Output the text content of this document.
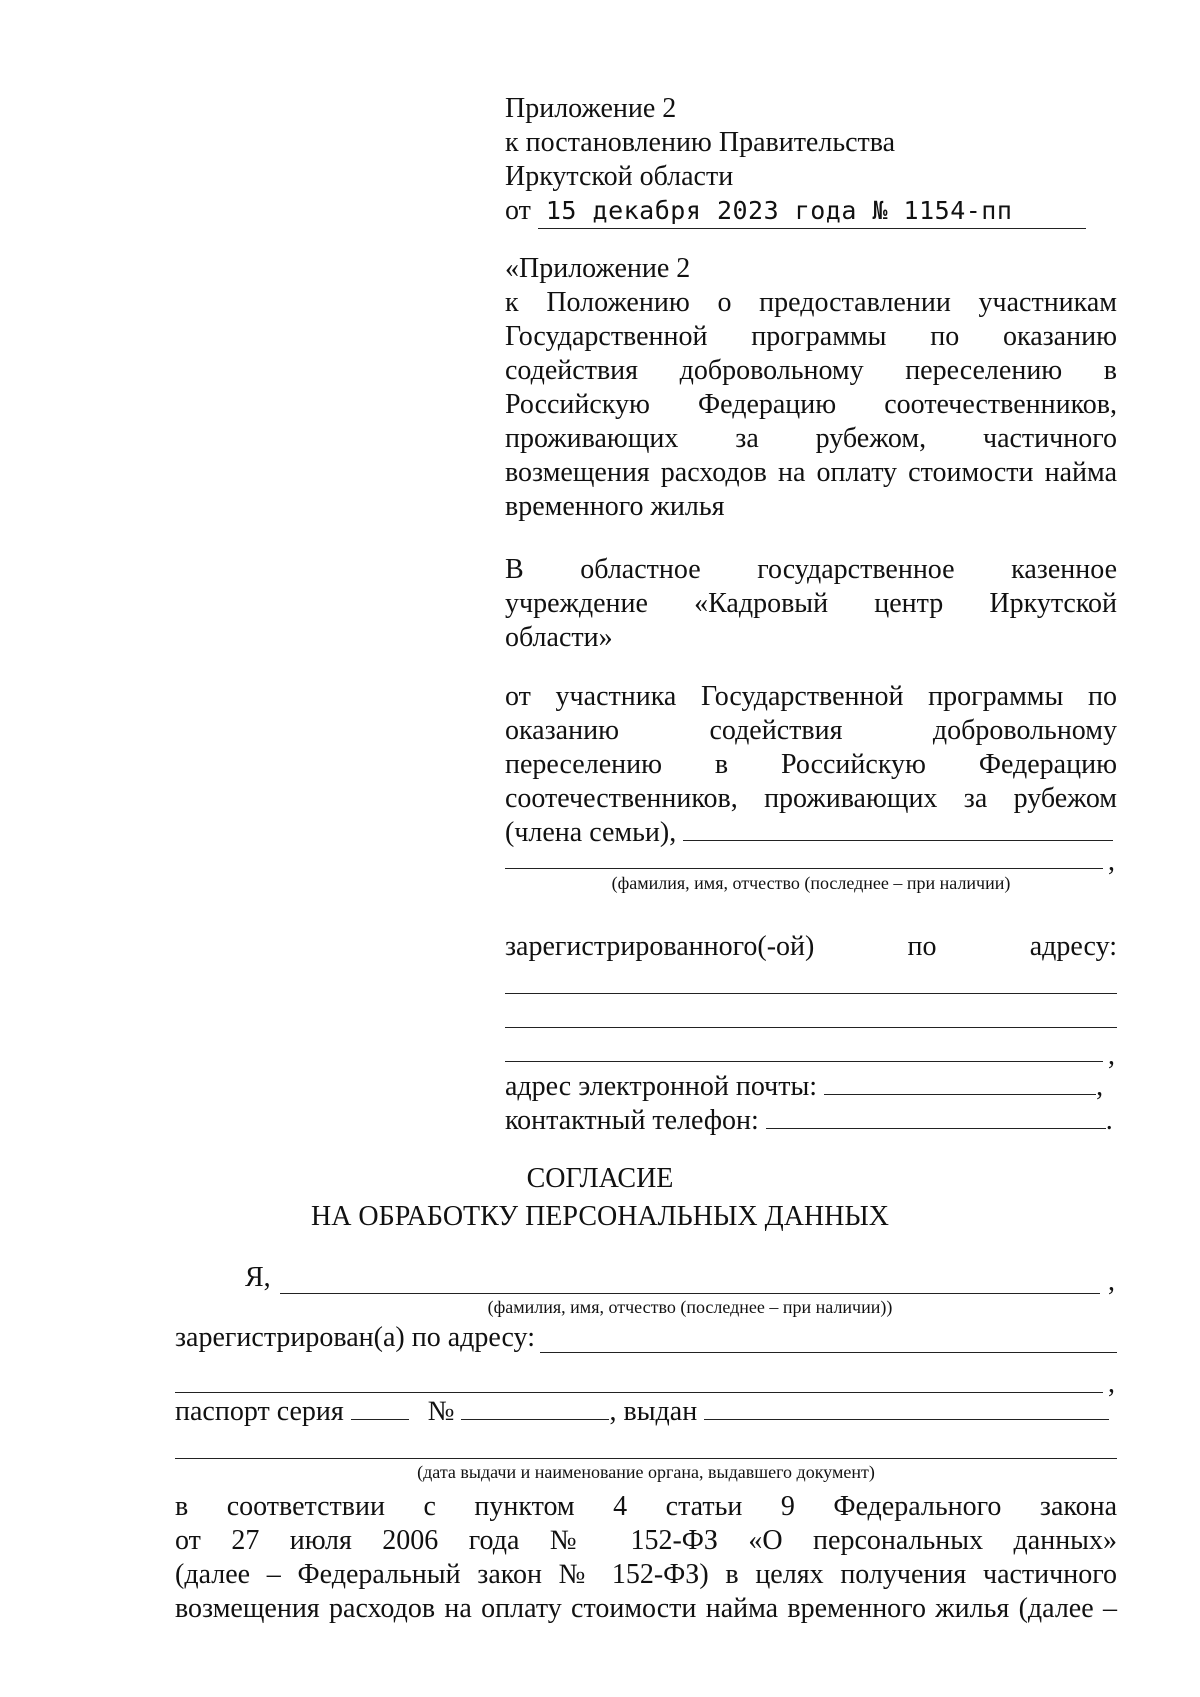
Приложение 2
к постановлению Правительства
Иркутской области
от 15 декабря 2023 года № 1154-пп
«Приложение 2
к Положению о предоставлении участникам
Государственной программы по оказанию
содействия добровольному переселению в
Российскую Федерацию соотечественников,
проживающих за рубежом, частичного
возмещения расходов на оплату стоимости найма
временного жилья
В областное государственное казенное
учреждение «Кадровый центр Иркутской
области»
от участника Государственной программы по
оказанию содействия добровольному
переселению в Российскую Федерацию
соотечественников, проживающих за рубежом
(члена семьи),
,
(фамилия, имя, отчество (последнее – при наличии)
зарегистрированного(-ой) по адресу:
,
адрес электронной почты:	,
контактный телефон:	.
СОГЛАСИЕ
НА ОБРАБОТКУ ПЕРСОНАЛЬНЫХ ДАННЫХ
Я,	,
(фамилия, имя, отчество (последнее – при наличии))
зарегистрирован(а) по адресу:
,
паспорт серия	№	, выдан
(дата выдачи и наименование органа, выдавшего документ)
в соответствии с пунктом 4 статьи 9 Федерального закона
от 27 июля 2006 года № 152-ФЗ «О персональных данных»
(далее – Федеральный закон № 152-ФЗ) в целях получения частичного
возмещения расходов на оплату стоимости найма временного жилья (далее –
